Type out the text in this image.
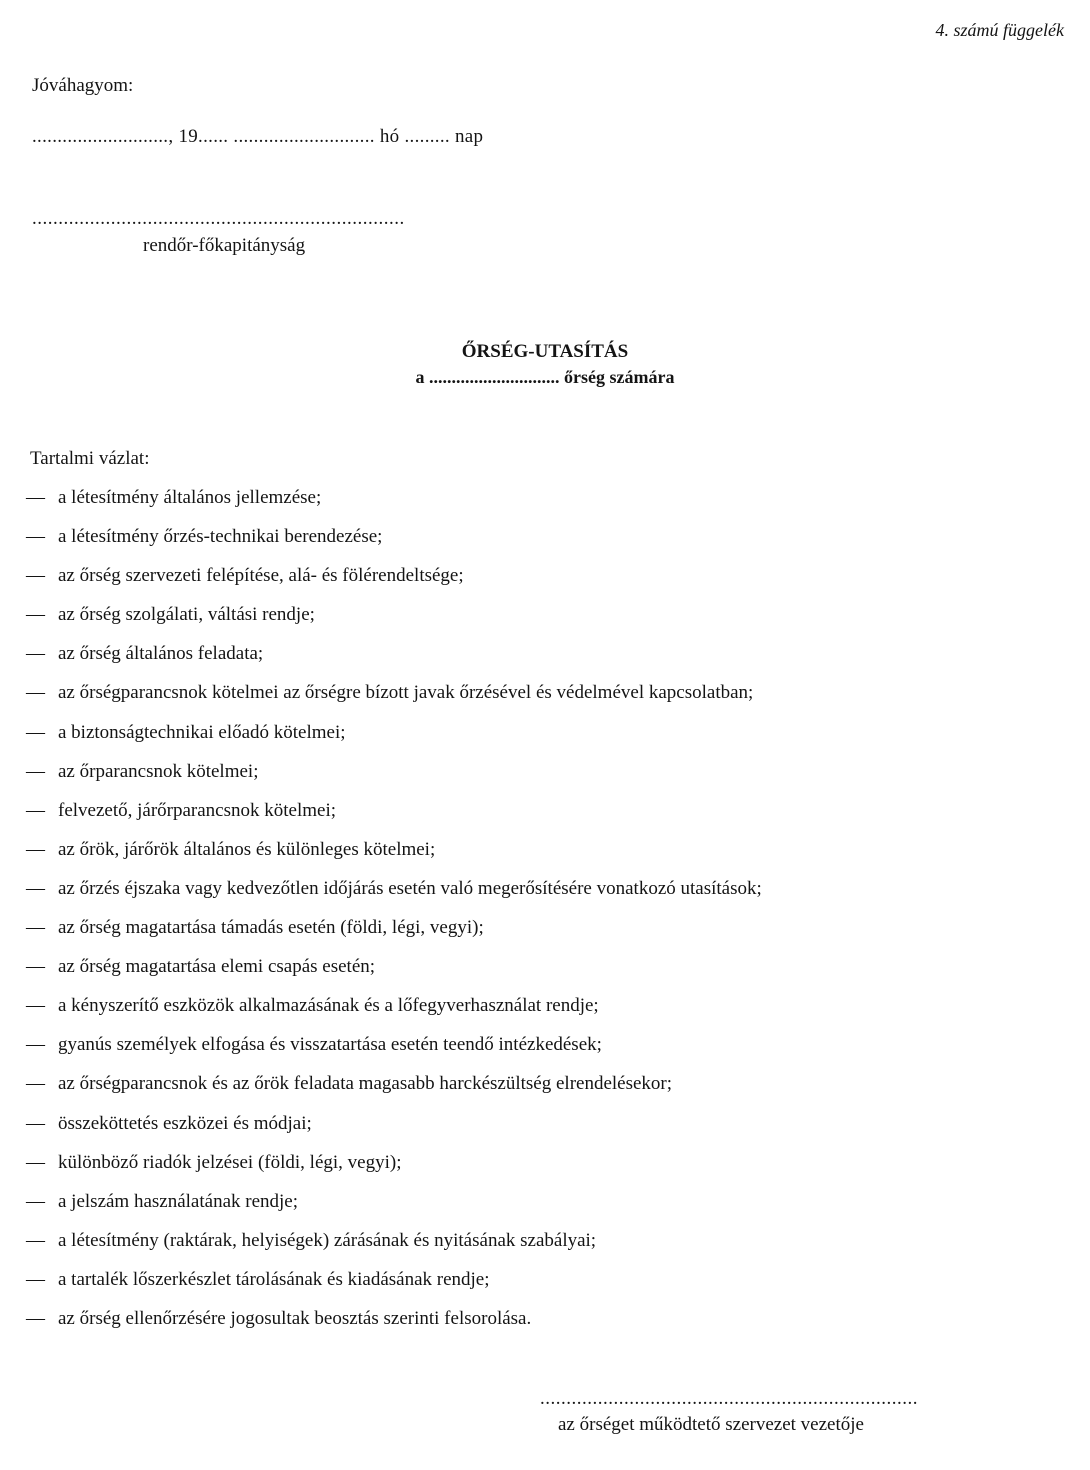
4. számú függelék
Jóváhagyom:
..........................., 19...... ............................ hó ......... nap
.......................................................................
rendőr-főkapitányság
ŐRSÉG-UTASÍTÁS
a ............................. őrség számára
Tartalmi vázlat:
— a létesítmény általános jellemzése;
— a létesítmény őrzés-technikai berendezése;
— az őrség szervezeti felépítése, alá- és fölérendeltsége;
— az őrség szolgálati, váltási rendje;
— az őrség általános feladata;
— az őrségparancsnok kötelmei az őrségre bízott javak őrzésével és védelmével kapcsolatban;
— a biztonságtechnikai előadó kötelmei;
— az őrparancsnok kötelmei;
— felvezető, járőrparancsnok kötelmei;
— az őrök, járőrök általános és különleges kötelmei;
— az őrzés éjszaka vagy kedvezőtlen időjárás esetén való megerősítésére vonatkozó utasítások;
— az őrség magatartása támadás esetén (földi, légi, vegyi);
— az őrség magatartása elemi csapás esetén;
— a kényszerítő eszközök alkalmazásának és a lőfegyverhasználat rendje;
— gyanús személyek elfogása és visszatartása esetén teendő intézkedések;
— az őrségparancsnok és az őrök feladata magasabb harckészültség elrendelésekor;
— összeköttetés eszközei és módjai;
— különböző riadók jelzései (földi, légi, vegyi);
— a jelszám használatának rendje;
— a létesítmény (raktárak, helyiségek) zárásának és nyitásának szabályai;
— a tartalék lőszerkészlet tárolásának és kiadásának rendje;
— az őrség ellenőrzésére jogosultak beosztás szerinti felsorolása.
........................................................................
az őrséget működtető szervezet vezetője
